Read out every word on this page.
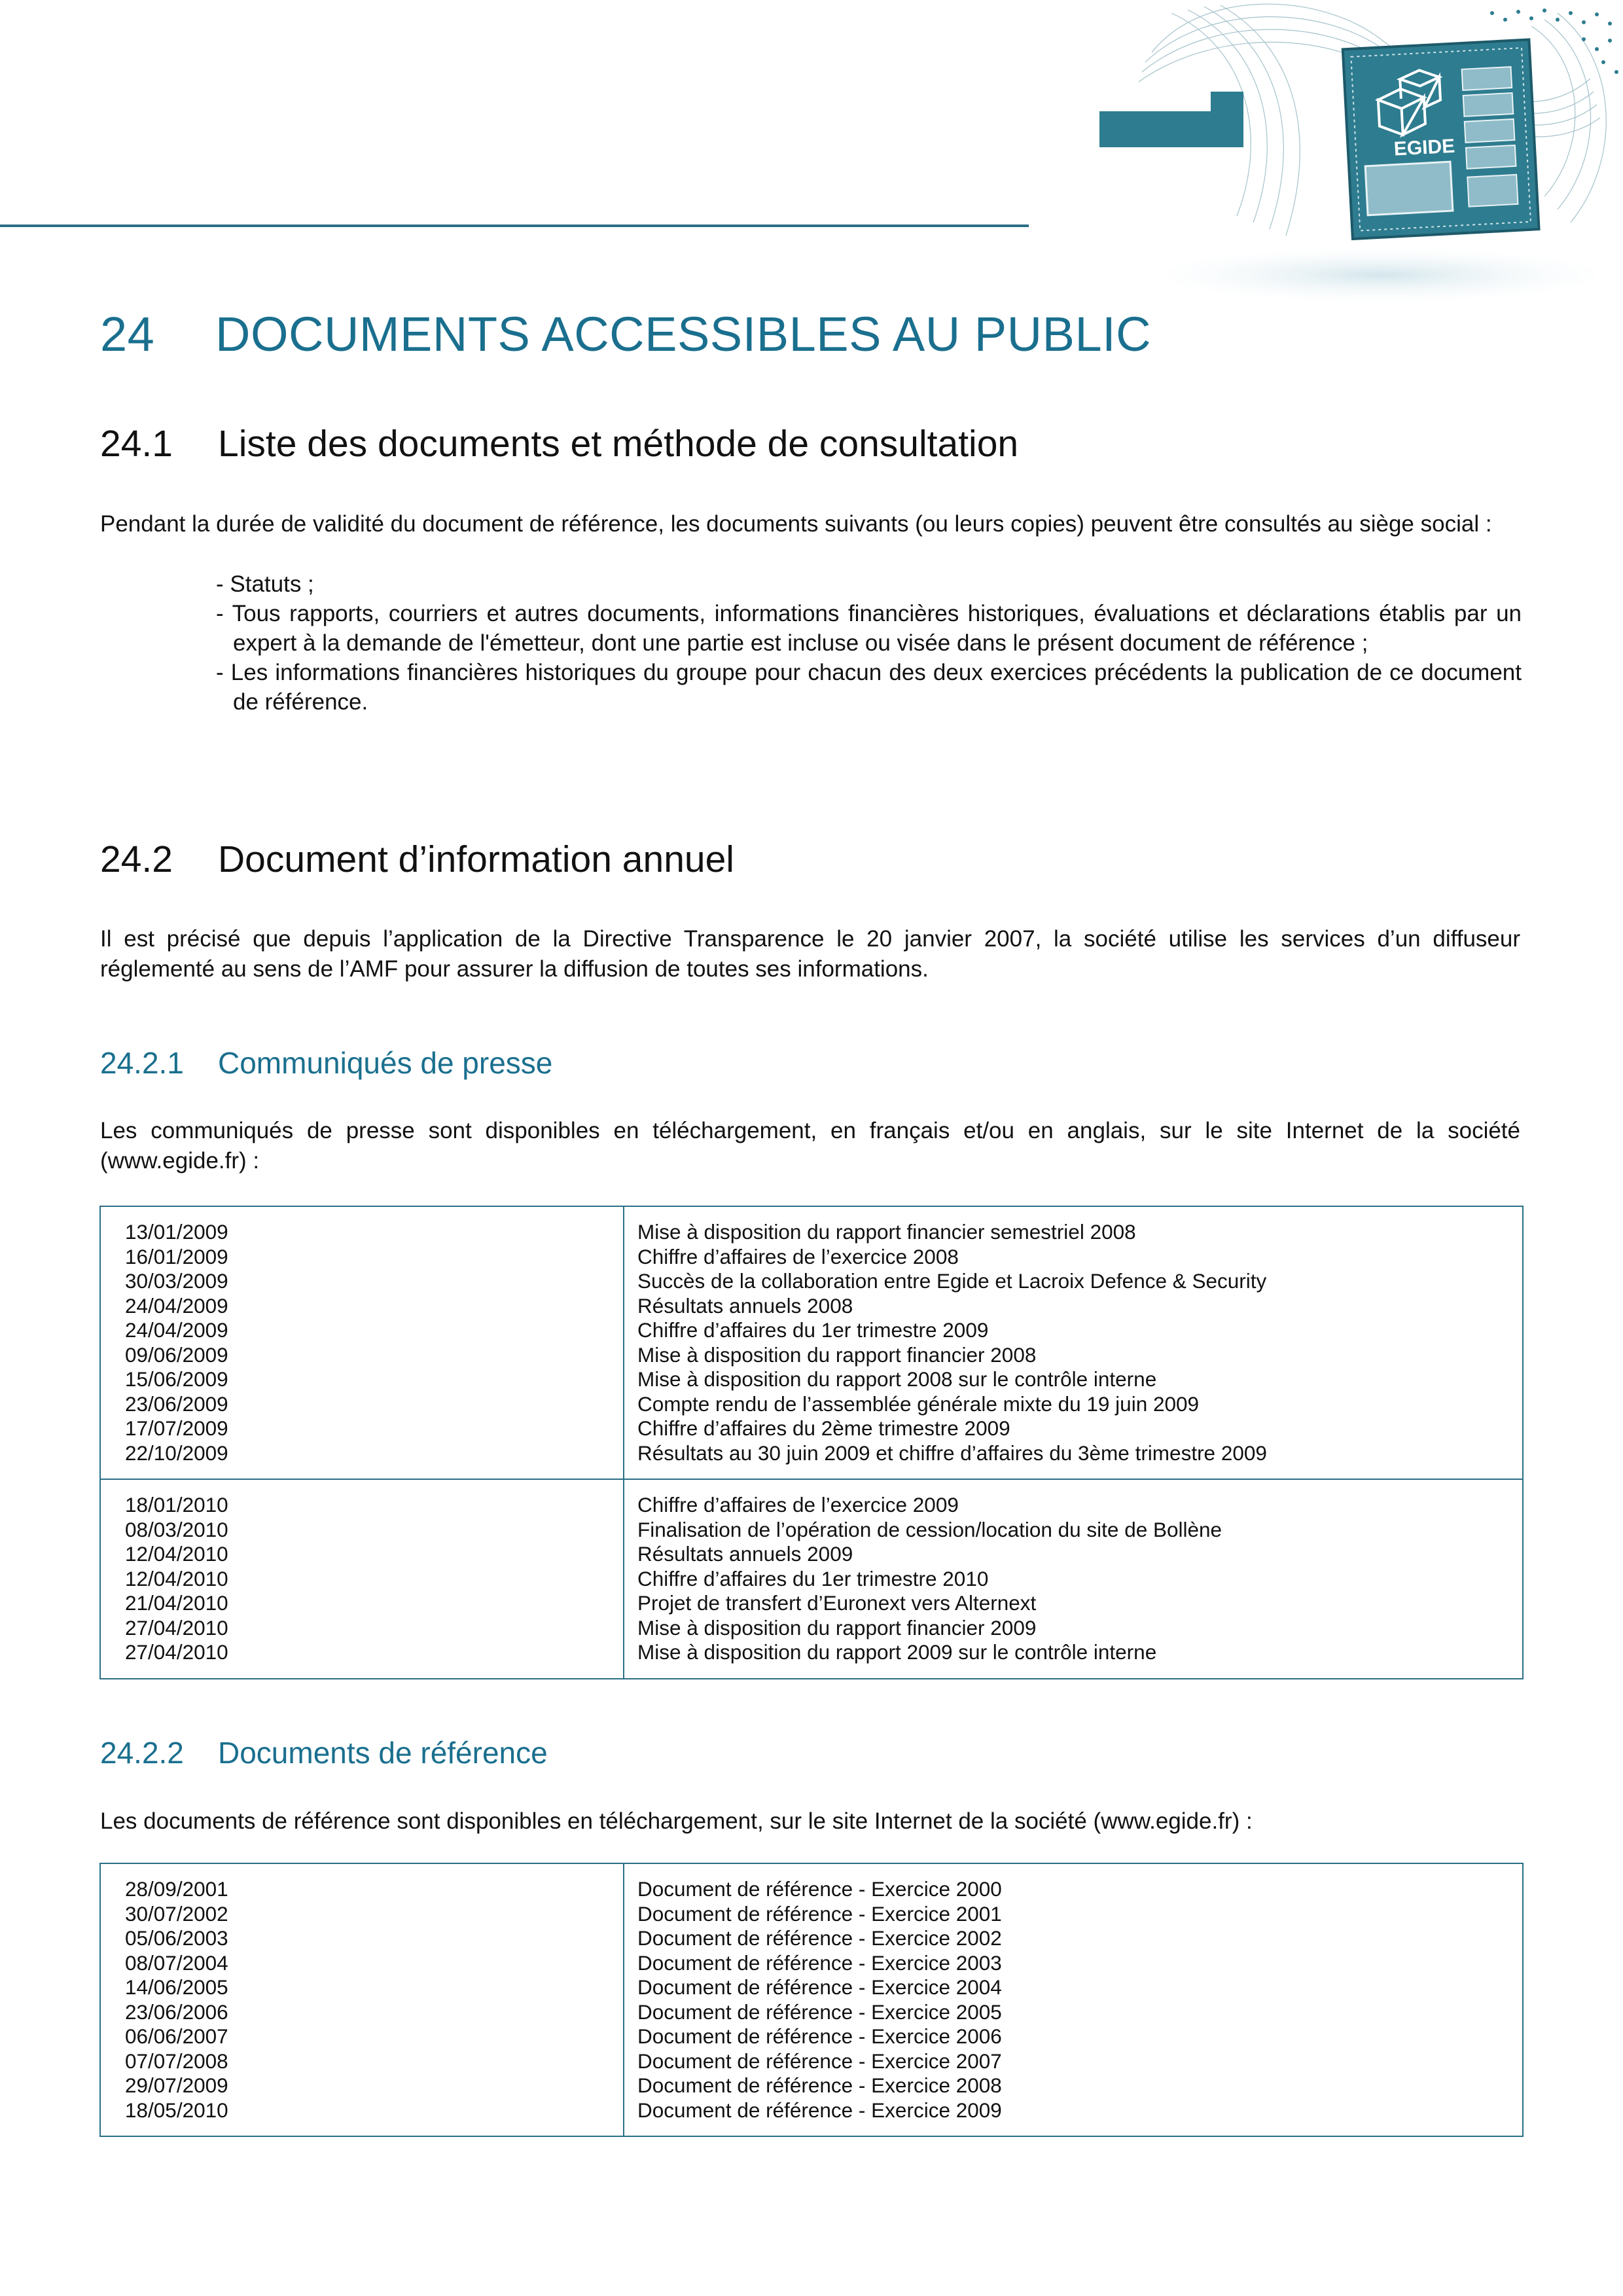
EGIDE
24 DOCUMENTS ACCESSIBLES AU PUBLIC
24.1 Liste des documents et méthode de consultation
Pendant la durée de validité du document de référence, les documents suivants (ou leurs copies) peuvent être consultés au siège social :
- Statuts ;
- Tous rapports, courriers et autres documents, informations financières historiques, évaluations et déclarations établis par un expert à la demande de l'émetteur, dont une partie est incluse ou visée dans le présent document de référence ;
- Les informations financières historiques du groupe pour chacun des deux exercices précédents la publication de ce document de référence.
24.2 Document d’information annuel
Il est précisé que depuis l’application de la Directive Transparence le 20 janvier 2007, la société utilise les services d’un diffuseur réglementé au sens de l’AMF pour assurer la diffusion de toutes ses informations.
24.2.1 Communiqués de presse
Les communiqués de presse sont disponibles en téléchargement, en français et/ou en anglais, sur le site Internet de la société (www.egide.fr) :
13/01/2009
16/01/2009
30/03/2009
24/04/2009
24/04/2009
09/06/2009
15/06/2009
23/06/2009
17/07/2009
22/10/2009
Mise à disposition du rapport financier semestriel 2008
Chiffre d’affaires de l’exercice 2008
Succès de la collaboration entre Egide et Lacroix Defence & Security
Résultats annuels 2008
Chiffre d’affaires du 1er trimestre 2009
Mise à disposition du rapport financier 2008
Mise à disposition du rapport 2008 sur le contrôle interne
Compte rendu de l’assemblée générale mixte du 19 juin 2009
Chiffre d’affaires du 2ème trimestre 2009
Résultats au 30 juin 2009 et chiffre d’affaires du 3ème trimestre 2009
18/01/2010
08/03/2010
12/04/2010
12/04/2010
21/04/2010
27/04/2010
27/04/2010
Chiffre d’affaires de l’exercice 2009
Finalisation de l’opération de cession/location du site de Bollène
Résultats annuels 2009
Chiffre d’affaires du 1er trimestre 2010
Projet de transfert d’Euronext vers Alternext
Mise à disposition du rapport financier 2009
Mise à disposition du rapport 2009 sur le contrôle interne
24.2.2 Documents de référence
Les documents de référence sont disponibles en téléchargement, sur le site Internet de la société (www.egide.fr) :
28/09/2001
30/07/2002
05/06/2003
08/07/2004
14/06/2005
23/06/2006
06/06/2007
07/07/2008
29/07/2009
18/05/2010
Document de référence - Exercice 2000
Document de référence - Exercice 2001
Document de référence - Exercice 2002
Document de référence - Exercice 2003
Document de référence - Exercice 2004
Document de référence - Exercice 2005
Document de référence - Exercice 2006
Document de référence - Exercice 2007
Document de référence - Exercice 2008
Document de référence - Exercice 2009
